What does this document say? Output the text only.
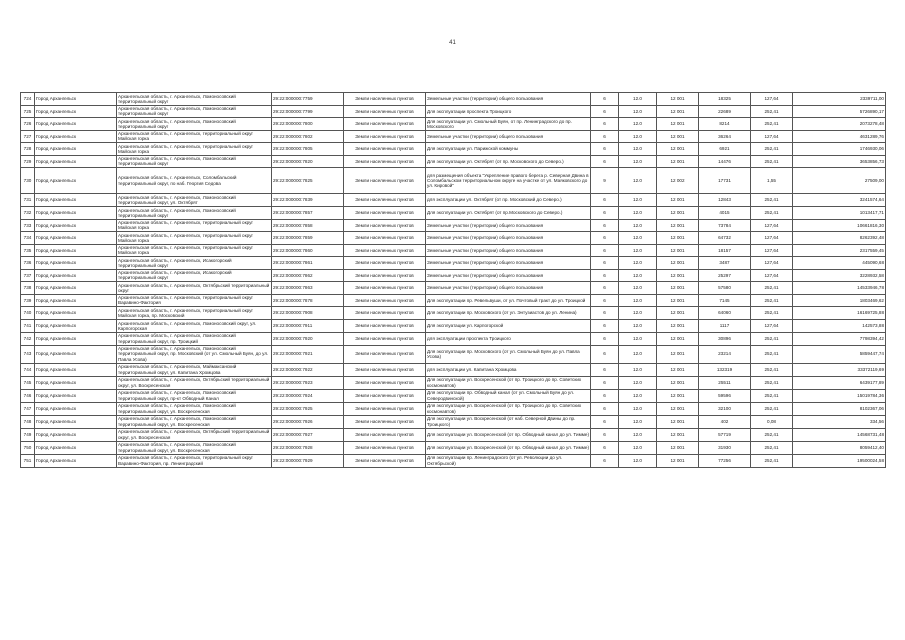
41
724	Город Архангельск	Архангельская область, г. Архангельск, Ломоносовский территориальный округ	29:22:000000:7759	Земли населенных пунктов	Земельные участки (территории) общего пользования	6	12.0	12 001	18325	127,64	2339711,00
725	Город Архангельск	Архангельская область, г. Архангельск, Ломоносовский территориальный округ	29:22:000000:7799	Земли населенных пунктов	Для эксплуатации проспекта Троицкого	6	12.0	12 001	22689	252,41	5726890,17
726	Город Архангельск	Архангельская область, г. Архангельск, Ломоносовский территориальный округ	29:22:000000:7800	Земли населенных пунктов	Для эксплуатации ул. Смольный Буян, от пр. Ленинградского до пр. Московского	6	12.0	12 001	8214	252,41	2073278,48
727	Город Архангельск	Архангельская область, г. Архангельск, территориальный округ Майская горка	29:22:000000:7802	Земли населенных пунктов	Земельные участки (территории) общего пользования	6	12.0	12 001	36264	127,64	4631289,76
728	Город Архангельск	Архангельская область, г. Архангельск, территориальный округ Майская горка	29:22:000000:7805	Земли населенных пунктов	Для эксплуатации ул. Парижской коммуны	6	12.0	12 001	6921	252,41	1746930,06
729	Город Архангельск	Архангельская область, г. Архангельск, Ломоносовский территориальный округ	29:22:000000:7820	Земли населенных пунктов	Для эксплуатации ул. Октябрят (от пр. Московского до Северо.)	6	12.0	12 001	14476	252,41	3653856,73
730	Город Архангельск	Архангельская область, г. Архангельск, Соломбальский территориальный округ, по наб. Георгия Седова	29:22:000000:7825	Земли населенных пунктов	для размещения объекта "Укрепление правого берега р. Северная Двина в Соломбальском территориальном округе на участке от ул. Маяковского до ул. Кировой"	9	12.0	12 002	17731	1,55	27509,00
731	Город Архангельск	Архангельская область, г. Архангельск, Ломоносовский территориальный округ, ул. Октябрят	29:22:000000:7839	Земли населенных пунктов	для эксплуатации ул. Октябрят (от пр. Московский до Северо.)	6	12.0	12 001	12843	252,41	3241574,64
732	Город Архангельск	Архангельская область, г. Архангельск, Ломоносовский территориальный округ	29:22:000000:7857	Земли населенных пунктов	Для эксплуатации ул. Октябрят (от пр.Московского до Северо.)	6	12.0	12 001	4015	252,41	1013417,71
733	Город Архангельск	Архангельская область, г. Архангельск, территориальный округ Майская горка	29:22:000000:7858	Земли населенных пунктов	Земельные участки (территории) общего пользования	6	12.0	12 001	73784	127,64	10661816,30
734	Город Архангельск	Архангельская область, г. Архангельск, территориальный округ Майская горка	29:22:000000:7859	Земли населенных пунктов	Земельные участки (территории) общего пользования	6	12.0	12 001	64732	127,64	8262392,48
735	Город Архангельск	Архангельская область, г. Архангельск, территориальный округ Майская горка	29:22:000000:7860	Земли населенных пунктов	Земельные участки (территории) общего пользования	6	12.0	12 001	18157	127,64	2317559,45
736	Город Архангельск	Архангельская область, г. Архангельск, Исакогорский территориальный округ	29:22:000000:7861	Земли населенных пунктов	Земельные участки (территории) общего пользования	6	12.0	12 001	3487	127,64	445090,68
737	Город Архангельск	Архангельская область, г. Архангельск, Исакогорский территориальный округ	29:22:000000:7862	Земли населенных пунктов	Земельные участки (территории) общего пользования	6	12.0	12 001	25297	127,64	3228932,58
738	Город Архангельск	Архангельская область, г. Архангельск, Октябрьский территориальный округ	29:22:000000:7863	Земли населенных пунктов	Земельные участки (территории) общего пользования	6	12.0	12 001	57580	252,41	14533946,78
739	Город Архангельск	Архангельская область, г. Архангельск, территориальный округ Варавино-Фактория	29:22:000000:7878	Земли населенных пунктов	Для эксплуатации пр. Ревельвуши, от ул. Почтовый тракт до ул. Троицкой	6	12.0	12 001	7145	252,41	1803469,62
740	Город Архангельск	Архангельская область, г. Архангельск, территориальный округ Майская горка, пр. Московский	29:22:000000:7908	Земли населенных пунктов	Для эксплуатации пр. Московского (от ул. Энтузиастов до ул. Ленина)	6	12.0	12 001	64060	252,41	16169725,88
741	Город Архангельск	Архангельская область, г. Архангельск, Ломоносовский округ, ул. Карпогорская	29:22:000000:7911	Земли населенных пунктов	Для эксплуатации ул. Карпогорской	6	12.0	12 001	1117	127,64	142573,88
742	Город Архангельск	Архангельская область, г. Архангельск, Ломоносовский территориальный округ, пр. Троицкий	29:22:000000:7920	Земли населенных пунктов	для эксплуатации проспекта Троицкого	6	12.0	12 001	30896	252,41	7798394,42
743	Город Архангельск	Архангельская область, г. Архангельск, Ломоносовский территориальный округ, пр. Московский (от ул. Смольный Буян, до ул. Павла Усова)	29:22:000000:7921	Земли населенных пунктов	Для эксплуатации пр. Московского (от ул. Смольный Буян до ул. Павла Усова)	6	12.0	12 001	23214	252,41	5859447,74
744	Город Архангельск	Архангельская область, г. Архангельск, Маймаксанский территориальный округ, ул. Капитана Хромцова	29:22:000000:7922	Земли населенных пунктов	для эксплуатации ул. Капитана Хромцова	6	12.0	12 001	132319	252,41	33372119,69
745	Город Архангельск	Архангельская область, г. Архангельск, Октябрьский территориальный округ, ул. Воскресенская	29:22:000000:7923	Земли населенных пунктов	Для эксплуатации ул. Воскресенской (от пр. Троицкого до пр. Советских космонавтов)	6	12.0	12 001	25511	252,41	6439177,89
746	Город Архангельск	Архангельская область, г. Архангельск, Ломоносовский территориальный округ, пр-кт Обводный Канал	29:22:000000:7924	Земли населенных пунктов	Для эксплуатации пр. Обводный канал (от ул. Смольный Буян до ул. Северодвинской)	6	12.0	12 001	59596	252,41	15019784,36
747	Город Архангельск	Архангельская область, г. Архангельск, Ломоносовский территориальный округ, ул. Воскресенская	29:22:000000:7925	Земли населенных пунктов	Для эксплуатации ул. Воскресенской (от пр. Троицкого до пр. Советских космонавтов)	6	12.0	12 001	32100	252,41	8102367,06
748	Город Архангельск	Архангельская область, г. Архангельск, Ломоносовский территориальный округ, ул. Воскресенская	29:22:000000:7926	Земли населенных пунктов	Для эксплуатации ул. Воскресенской (от наб. Северной Двины до пр. Троицкого)	6	12.0	12 001	402	0,08	334,56
749	Город Архангельск	Архангельская область, г. Архангельск, Октябрьский территориальный округ, ул. Воскресенская	29:22:000000:7927	Земли населенных пунктов	Для эксплуатации ул. Воскресенской (от пр. Обводный канал до ул. Тимме)	6	12.0	12 001	57719	252,41	14568731,48
750	Город Архангельск	Архангельская область, г. Архангельск, Ломоносовский территориальный округ, ул. Воскресенская	29:22:000000:7928	Земли населенных пунктов	Для эксплуатации ул. Воскресенской (от пр. Обводный канал до ул. Тимме)	6	12.0	12 001	31930	252,41	8059412,40
751	Город Архангельск	Архангельская область, г. Архангельск, территориальный округ Варавино-Фактория, пр. Ленинградский	29:22:000000:7929	Земли населенных пунктов	Для эксплуатации пр. Ленинградского (от ул. Революции до ул. Октябрьской)	6	12.0	12 001	77256	252,41	19500024,58
